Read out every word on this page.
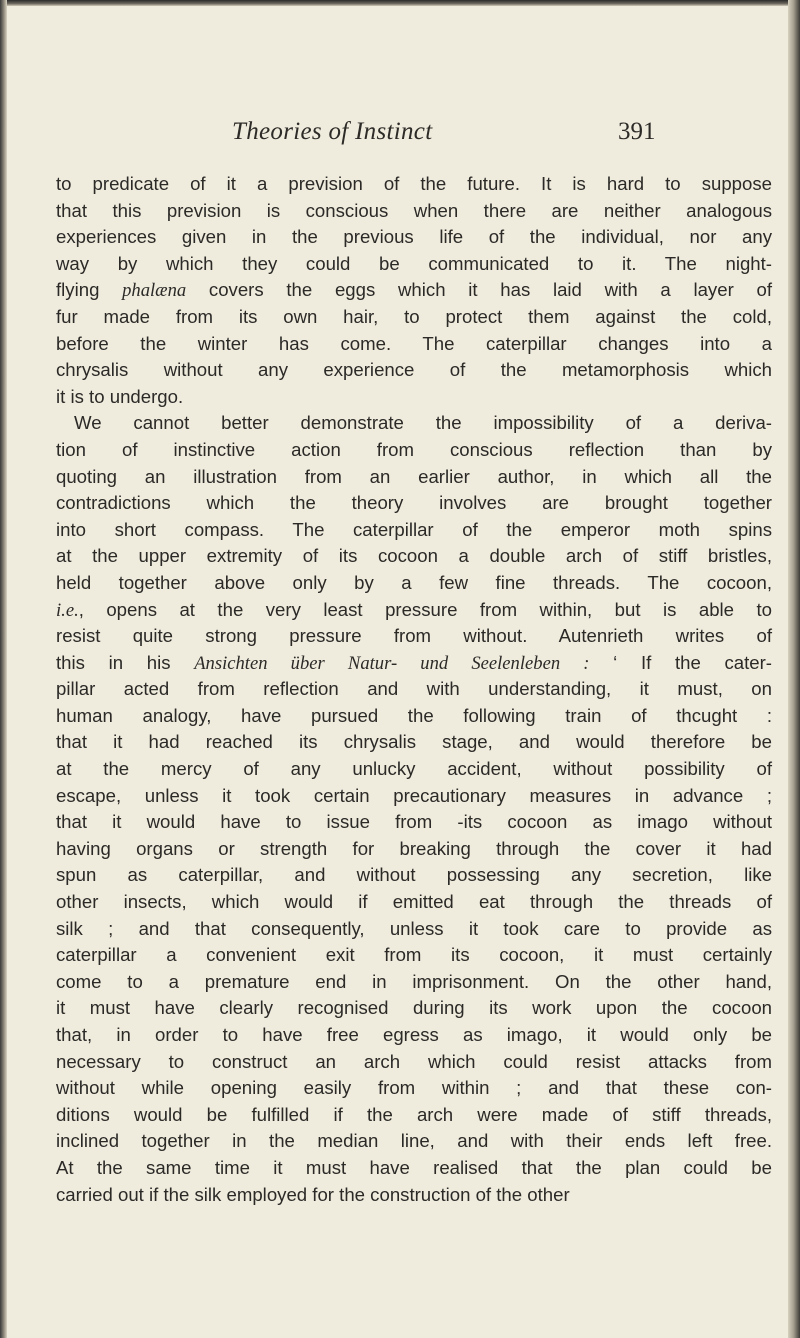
Theories of Instinct	391
to predicate of it a prevision of the future. It is hard to suppose
that this prevision is conscious when there are neither analogous
experiences given in the previous life of the individual, nor any
way by which they could be communicated to it. The night-
flying phalæna covers the eggs which it has laid with a layer of
fur made from its own hair, to protect them against the cold,
before the winter has come. The caterpillar changes into a
chrysalis without any experience of the metamorphosis which
it is to undergo.
We cannot better demonstrate the impossibility of a deriva-
tion of instinctive action from conscious reflection than by
quoting an illustration from an earlier author, in which all the
contradictions which the theory involves are brought together
into short compass. The caterpillar of the emperor moth spins
at the upper extremity of its cocoon a double arch of stiff bristles,
held together above only by a few fine threads. The cocoon,
i.e., opens at the very least pressure from within, but is able to
resist quite strong pressure from without. Autenrieth writes of
this in his Ansichten über Natur- und Seelenleben : ‘ If the cater-
pillar acted from reflection and with understanding, it must, on
human analogy, have pursued the following train of thcught :
that it had reached its chrysalis stage, and would therefore be
at the mercy of any unlucky accident, without possibility of
escape, unless it took certain precautionary measures in advance ;
that it would have to issue from -its cocoon as imago without
having organs or strength for breaking through the cover it had
spun as caterpillar, and without possessing any secretion, like
other insects, which would if emitted eat through the threads of
silk ; and that consequently, unless it took care to provide as
caterpillar a convenient exit from its cocoon, it must certainly
come to a premature end in imprisonment. On the other hand,
it must have clearly recognised during its work upon the cocoon
that, in order to have free egress as imago, it would only be
necessary to construct an arch which could resist attacks from
without while opening easily from within ; and that these con-
ditions would be fulfilled if the arch were made of stiff threads,
inclined together in the median line, and with their ends left free.
At the same time it must have realised that the plan could be
carried out if the silk employed for the construction of the other
